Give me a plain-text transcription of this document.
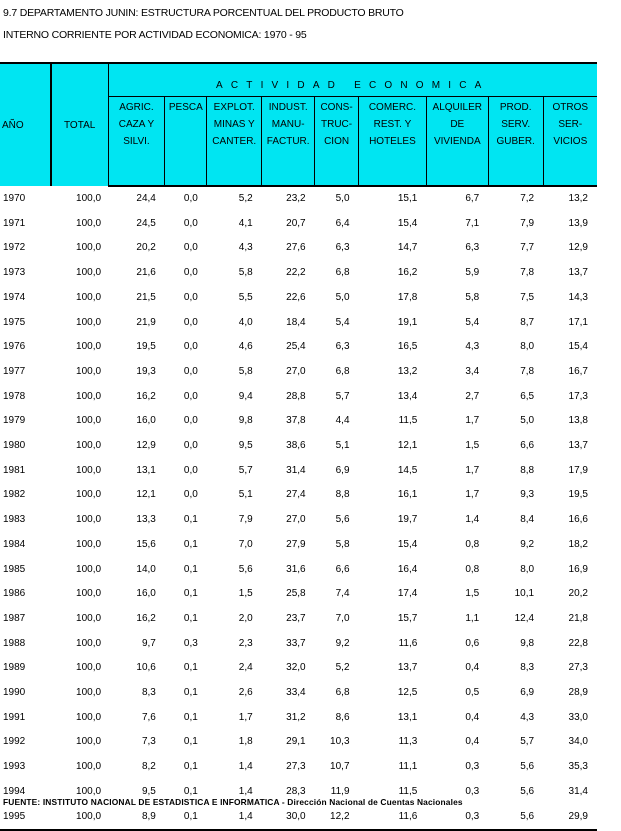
9.7 DEPARTAMENTO JUNIN: ESTRUCTURA PORCENTUAL DEL PRODUCTO BRUTO
INTERNO CORRIENTE POR ACTIVIDAD ECONOMICA: 1970 - 95
AÑO	TOTAL	ACTIVIDAD ECONOMICA								

		AGRIC.
CAZA Y
SILVI.	PESCA	EXPLOT.
MINAS Y
CANTER.	INDUST.
MANU-
FACTUR.	CONS-
TRUC-
CION	COMERC.
REST. Y
HOTELES	ALQUILER
DE
VIVIENDA	PROD.
SERV.
GUBER.	OTROS
SER-
VICIOS

1970	100,0	24,4	0,0	5,2	23,2	5,0	15,1	6,7	7,2	13,2
1971	100,0	24,5	0,0	4,1	20,7	6,4	15,4	7,1	7,9	13,9
1972	100,0	20,2	0,0	4,3	27,6	6,3	14,7	6,3	7,7	12,9
1973	100,0	21,6	0,0	5,8	22,2	6,8	16,2	5,9	7,8	13,7
1974	100,0	21,5	0,0	5,5	22,6	5,0	17,8	5,8	7,5	14,3
1975	100,0	21,9	0,0	4,0	18,4	5,4	19,1	5,4	8,7	17,1
1976	100,0	19,5	0,0	4,6	25,4	6,3	16,5	4,3	8,0	15,4
1977	100,0	19,3	0,0	5,8	27,0	6,8	13,2	3,4	7,8	16,7
1978	100,0	16,2	0,0	9,4	28,8	5,7	13,4	2,7	6,5	17,3
1979	100,0	16,0	0,0	9,8	37,8	4,4	11,5	1,7	5,0	13,8
1980	100,0	12,9	0,0	9,5	38,6	5,1	12,1	1,5	6,6	13,7
1981	100,0	13,1	0,0	5,7	31,4	6,9	14,5	1,7	8,8	17,9
1982	100,0	12,1	0,0	5,1	27,4	8,8	16,1	1,7	9,3	19,5
1983	100,0	13,3	0,1	7,9	27,0	5,6	19,7	1,4	8,4	16,6
1984	100,0	15,6	0,1	7,0	27,9	5,8	15,4	0,8	9,2	18,2
1985	100,0	14,0	0,1	5,6	31,6	6,6	16,4	0,8	8,0	16,9
1986	100,0	16,0	0,1	1,5	25,8	7,4	17,4	1,5	10,1	20,2
1987	100,0	16,2	0,1	2,0	23,7	7,0	15,7	1,1	12,4	21,8
1988	100,0	9,7	0,3	2,3	33,7	9,2	11,6	0,6	9,8	22,8
1989	100,0	10,6	0,1	2,4	32,0	5,2	13,7	0,4	8,3	27,3
1990	100,0	8,3	0,1	2,6	33,4	6,8	12,5	0,5	6,9	28,9
1991	100,0	7,6	0,1	1,7	31,2	8,6	13,1	0,4	4,3	33,0
1992	100,0	7,3	0,1	1,8	29,1	10,3	11,3	0,4	5,7	34,0
1993	100,0	8,2	0,1	1,4	27,3	10,7	11,1	0,3	5,6	35,3
1994	100,0	9,5	0,1	1,4	28,3	11,9	11,5	0,3	5,6	31,4
1995	100,0	8,9	0,1	1,4	30,0	12,2	11,6	0,3	5,6	29,9
FUENTE: INSTITUTO NACIONAL DE ESTADISTICA E INFORMATICA - Dirección Nacional de Cuentas Nacionales
